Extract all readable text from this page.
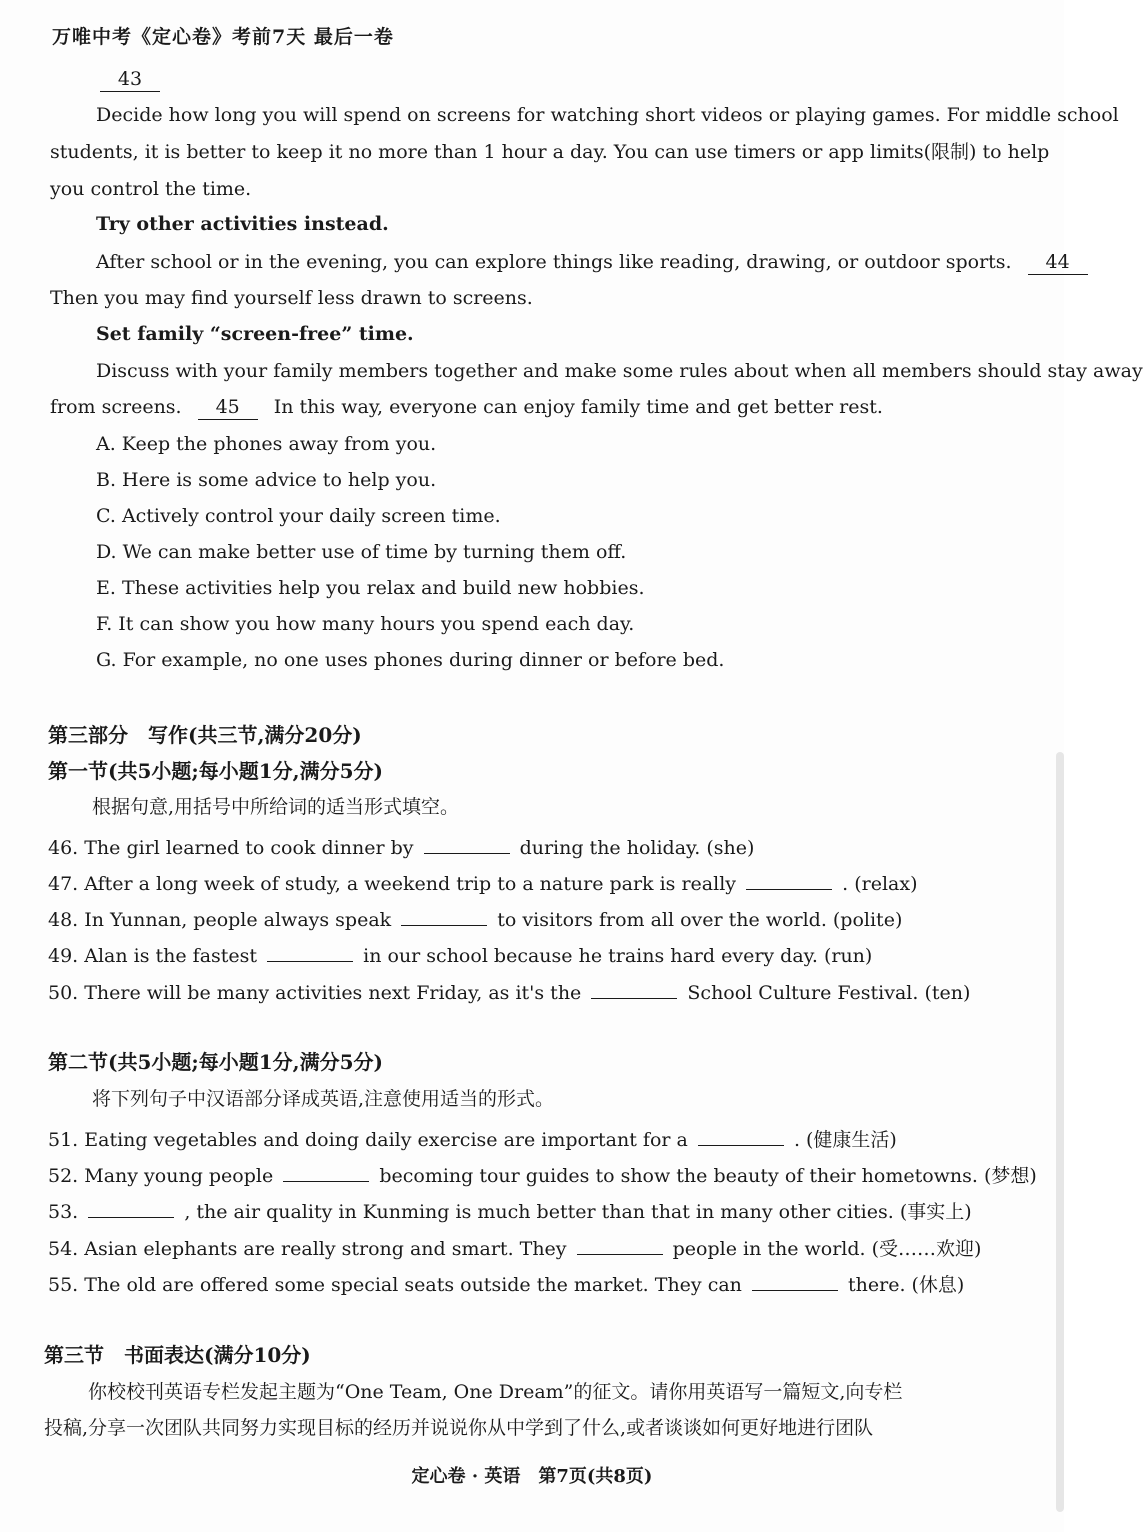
万唯中考《定心卷》考前7天 最后一卷
43
Decide how long you will spend on screens for watching short videos or playing games. For middle school
students, it is better to keep it no more than 1 hour a day. You can use timers or app limits(限制) to help
you control the time.
Try other activities instead.
After school or in the evening, you can explore things like reading, drawing, or outdoor sports. 44
Then you may find yourself less drawn to screens.
Set family “screen-free” time.
Discuss with your family members together and make some rules about when all members should stay away
from screens. 45 In this way, everyone can enjoy family time and get better rest.
A. Keep the phones away from you.
B. Here is some advice to help you.
C. Actively control your daily screen time.
D. We can make better use of time by turning them off.
E. These activities help you relax and build new hobbies.
F. It can show you how many hours you spend each day.
G. For example, no one uses phones during dinner or before bed.
第三部分　写作(共三节,满分20分)
第一节(共5小题;每小题1分,满分5分)
根据句意,用括号中所给词的适当形式填空。
46. The girl learned to cook dinner by	during the holiday. (she)
47. After a long week of study, a weekend trip to a nature park is really	. (relax)
48. In Yunnan, people always speak	to visitors from all over the world. (polite)
49. Alan is the fastest	in our school because he trains hard every day. (run)
50. There will be many activities next Friday, as it's the	School Culture Festival. (ten)
第二节(共5小题;每小题1分,满分5分)
将下列句子中汉语部分译成英语,注意使用适当的形式。
51. Eating vegetables and doing daily exercise are important for a	. (健康生活)
52. Many young people	becoming tour guides to show the beauty of their hometowns. (梦想)
53.	, the air quality in Kunming is much better than that in many other cities. (事实上)
54. Asian elephants are really strong and smart. They	people in the world. (受……欢迎)
55. The old are offered some special seats outside the market. They can	there. (休息)
第三节　书面表达(满分10分)
你校校刊英语专栏发起主题为“One Team, One Dream”的征文。请你用英语写一篇短文,向专栏
投稿,分享一次团队共同努力实现目标的经历并说说你从中学到了什么,或者谈谈如何更好地进行团队
定心卷 · 英语　第7页(共8页)
